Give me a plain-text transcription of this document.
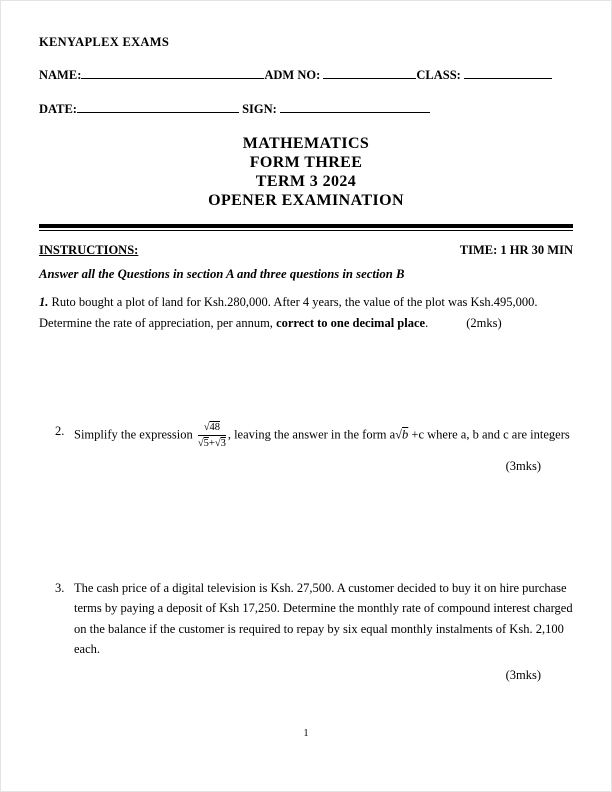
KENYAPLEX EXAMS
NAME:	ADM NO:	CLASS:
DATE:	SIGN:
MATHEMATICS
FORM THREE
TERM 3 2024
OPENER EXAMINATION
INSTRUCTIONS:	TIME: 1 HR 30 MIN
Answer all the Questions in section A and three questions in section B
1. Ruto bought a plot of land for Ksh.280,000. After 4 years, the value of the plot was Ksh.495,000. Determine the rate of appreciation, per annum, correct to one decimal place.	(2mks)
2. Simplify the expression $\frac{√48}{√5+√3}$ , leaving the answer in the form a√b +c where a, b and c are integers
(3mks)
3. The cash price of a digital television is Ksh. 27,500. A customer decided to buy it on hire purchase terms by paying a deposit of Ksh 17,250. Determine the monthly rate of compound interest charged on the balance if the customer is required to repay by six equal monthly instalments of Ksh. 2,100 each.
(3mks)
1
